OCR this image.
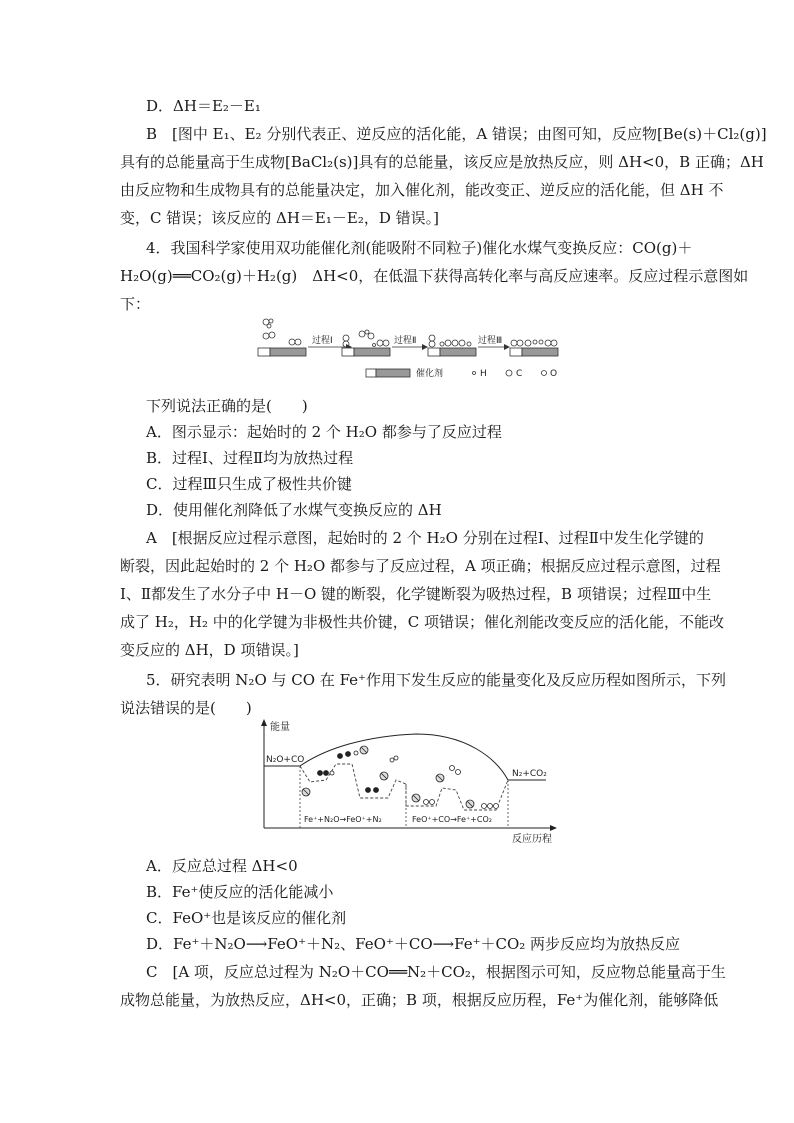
D．ΔH＝E₂－E₁
B　[图中 E₁、E₂ 分别代表正、逆反应的活化能，A 错误；由图可知，反应物[Be(s)＋Cl₂(g)]
具有的总能量高于生成物[BaCl₂(s)]具有的总能量，该反应是放热反应，则 ΔH<0，B 正确；ΔH
由反应物和生成物具有的总能量决定，加入催化剂，能改变正、逆反应的活化能，但 ΔH 不
变，C 错误；该反应的 ΔH＝E₁－E₂，D 错误。]
4．我国科学家使用双功能催化剂(能吸附不同粒子)催化水煤气变换反应：CO(g)＋
H₂O(g)══CO₂(g)＋H₂(g)　ΔH<0，在低温下获得高转化率与高反应速率。反应过程示意图如
下：
过程Ⅰ	过程Ⅱ	过程Ⅲ
催化剂	H	C	O
下列说法正确的是(　　)
A．图示显示：起始时的 2 个 H₂O 都参与了反应过程
B．过程Ⅰ、过程Ⅱ均为放热过程
C．过程Ⅲ只生成了极性共价键
D．使用催化剂降低了水煤气变换反应的 ΔH
A　[根据反应过程示意图，起始时的 2 个 H₂O 分别在过程Ⅰ、过程Ⅱ中发生化学键的
断裂，因此起始时的 2 个 H₂O 都参与了反应过程，A 项正确；根据反应过程示意图，过程
Ⅰ、Ⅱ都发生了水分子中 H－O 键的断裂，化学键断裂为吸热过程，B 项错误；过程Ⅲ中生
成了 H₂，H₂ 中的化学键为非极性共价键，C 项错误；催化剂能改变反应的活化能，不能改
变反应的 ΔH，D 项错误。]
5．研究表明 N₂O 与 CO 在 Fe⁺作用下发生反应的能量变化及反应历程如图所示，下列
说法错误的是(　　)
能量
反应历程
N₂O+CO
N₂+CO₂
Fe⁺+N₂O→FeO⁺+N₂	FeO⁺+CO→Fe⁺+CO₂
A．反应总过程 ΔH<0
B．Fe⁺使反应的活化能减小
C．FeO⁺也是该反应的催化剂
D．Fe⁺＋N₂O⟶FeO⁺＋N₂、FeO⁺＋CO⟶Fe⁺＋CO₂ 两步反应均为放热反应
C　[A 项，反应总过程为 N₂O＋CO══N₂＋CO₂，根据图示可知，反应物总能量高于生
成物总能量，为放热反应，ΔH<0，正确；B 项，根据反应历程，Fe⁺为催化剂，能够降低
